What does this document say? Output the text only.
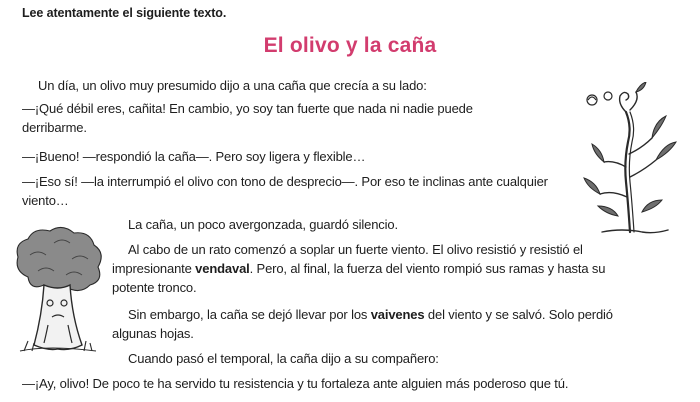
Lee atentamente el siguiente texto.
El olivo y la caña

Un día, un olivo muy presumido dijo a una caña que crecía a su lado:

—¡Qué débil eres, cañita! En cambio, yo soy tan fuerte que nada ni nadie puede derribarme.

—¡Bueno! —respondió la caña—. Pero soy ligera y flexible…

—¡Eso sí! —la interrumpió el olivo con tono de desprecio—. Por eso te inclinas ante cualquier viento…

La caña, un poco avergonzada, guardó silencio.

Al cabo de un rato comenzó a soplar un fuerte viento. El olivo resistió y resistió el impresionante vendaval. Pero, al final, la fuerza del viento rompió sus ramas y hasta su potente tronco.

Sin embargo, la caña se dejó llevar por los vaivenes del viento y se salvó. Solo perdió algunas hojas.

Cuando pasó el temporal, la caña dijo a su compañero:

—¡Ay, olivo! De poco te ha servido tu resistencia y tu fortaleza ante alguien más poderoso que tú.
